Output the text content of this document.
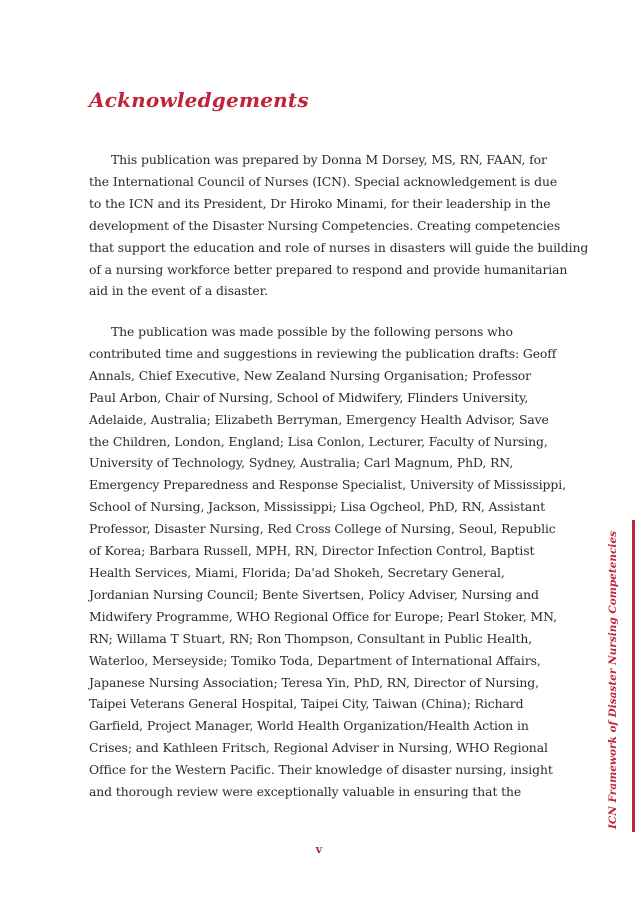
Acknowledgements

This publication was prepared by Donna M Dorsey, MS, RN, FAAN, for
the International Council of Nurses (ICN). Special acknowledgement is due
to the ICN and its President, Dr Hiroko Minami, for their leadership in the
development of the Disaster Nursing Competencies. Creating competencies
that support the education and role of nurses in disasters will guide the building
of a nursing workforce better prepared to respond and provide humanitarian
aid in the event of a disaster.

The publication was made possible by the following persons who
contributed time and suggestions in reviewing the publication drafts: Geoff
Annals, Chief Executive, New Zealand Nursing Organisation; Professor
Paul Arbon, Chair of Nursing, School of Midwifery, Flinders University,
Adelaide, Australia; Elizabeth Berryman, Emergency Health Advisor, Save
the Children, London, England; Lisa Conlon, Lecturer, Faculty of Nursing,
University of Technology, Sydney, Australia; Carl Magnum, PhD, RN,
Emergency Preparedness and Response Specialist, University of Mississippi,
School of Nursing, Jackson, Mississippi; Lisa Ogcheol, PhD, RN, Assistant
Professor, Disaster Nursing, Red Cross College of Nursing, Seoul, Republic
of Korea; Barbara Russell, MPH, RN, Director Infection Control, Baptist
Health Services, Miami, Florida; Da'ad Shokeh, Secretary General,
Jordanian Nursing Council; Bente Sivertsen, Policy Adviser, Nursing and
Midwifery Programme, WHO Regional Office for Europe; Pearl Stoker, MN,
RN; Willama T Stuart, RN; Ron Thompson, Consultant in Public Health,
Waterloo, Merseyside; Tomiko Toda, Department of International Affairs,
Japanese Nursing Association; Teresa Yin, PhD, RN, Director of Nursing,
Taipei Veterans General Hospital, Taipei City, Taiwan (China); Richard
Garfield, Project Manager, World Health Organization/Health Action in
Crises; and Kathleen Fritsch, Regional Adviser in Nursing, WHO Regional
Office for the Western Pacific. Their knowledge of disaster nursing, insight
and thorough review were exceptionally valuable in ensuring that the	ICN Framework of Disaster Nursing Competencies
v
